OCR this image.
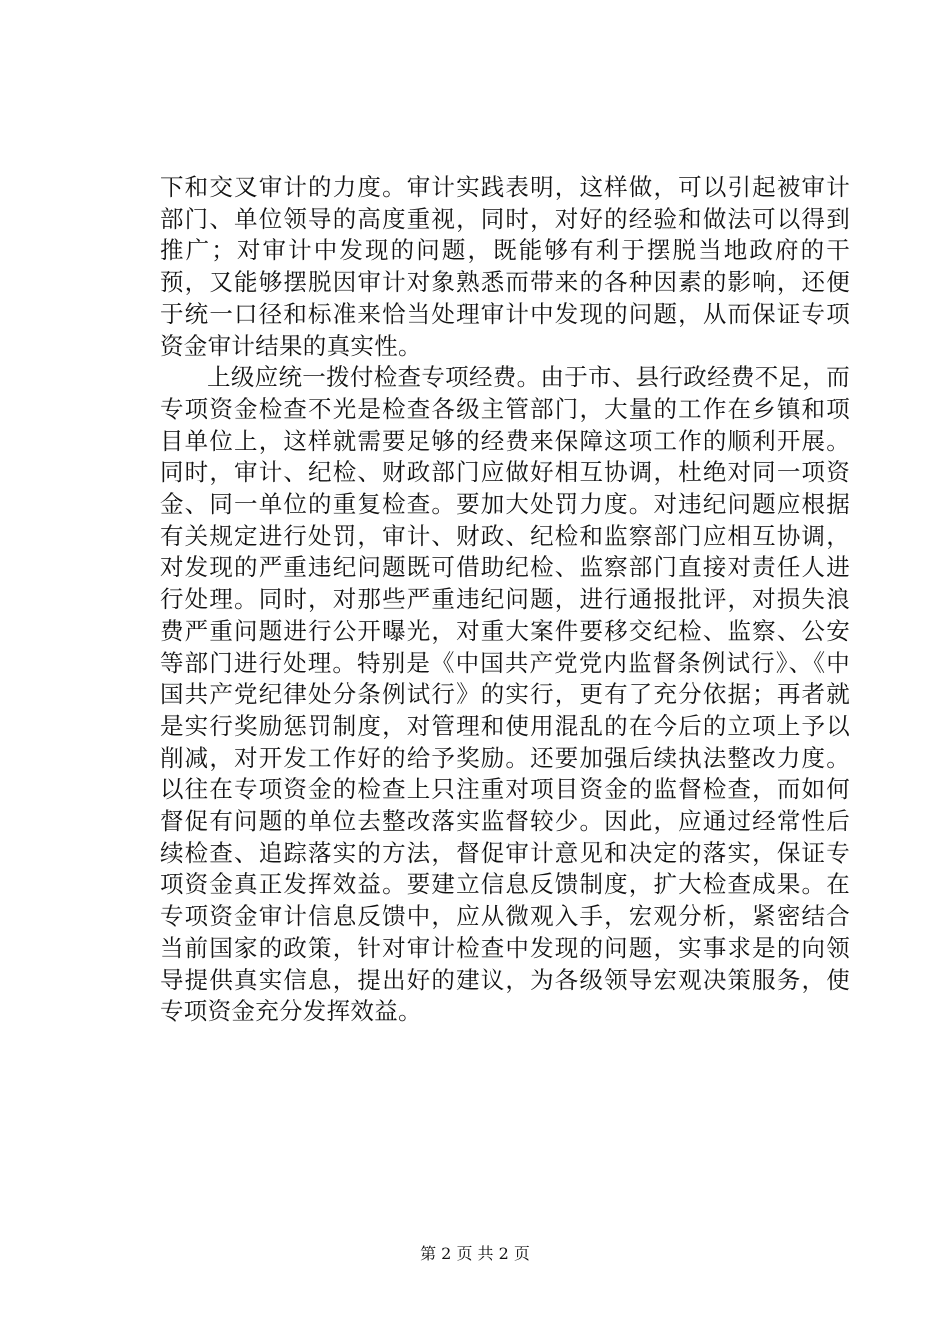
下和交叉审计的力度。审计实践表明，这样做，可以引起被审计部门、单位领导的高度重视，同时，对好的经验和做法可以得到推广；对审计中发现的问题，既能够有利于摆脱当地政府的干预，又能够摆脱因审计对象熟悉而带来的各种因素的影响，还便于统一口径和标准来恰当处理审计中发现的问题，从而保证专项资金审计结果的真实性。

上级应统一拨付检查专项经费。由于市、县行政经费不足，而专项资金检查不光是检查各级主管部门，大量的工作在乡镇和项目单位上，这样就需要足够的经费来保障这项工作的顺利开展。同时，审计、纪检、财政部门应做好相互协调，杜绝对同一项资金、同一单位的重复检查。要加大处罚力度。对违纪问题应根据有关规定进行处罚，审计、财政、纪检和监察部门应相互协调，对发现的严重违纪问题既可借助纪检、监察部门直接对责任人进行处理。同时，对那些严重违纪问题，进行通报批评，对损失浪费严重问题进行公开曝光，对重大案件要移交纪检、监察、公安等部门进行处理。特别是《中国共产党党内监督条例试行》、《中国共产党纪律处分条例试行》的实行，更有了充分依据；再者就是实行奖励惩罚制度，对管理和使用混乱的在今后的立项上予以削减，对开发工作好的给予奖励。还要加强后续执法整改力度。以往在专项资金的检查上只注重对项目资金的监督检查，而如何督促有问题的单位去整改落实监督较少。因此，应通过经常性后续检查、追踪落实的方法，督促审计意见和决定的落实，保证专项资金真正发挥效益。要建立信息反馈制度，扩大检查成果。在专项资金审计信息反馈中，应从微观入手，宏观分析，紧密结合当前国家的政策，针对审计检查中发现的问题，实事求是的向领导提供真实信息，提出好的建议，为各级领导宏观决策服务，使专项资金充分发挥效益。

第 2 页 共 2 页
